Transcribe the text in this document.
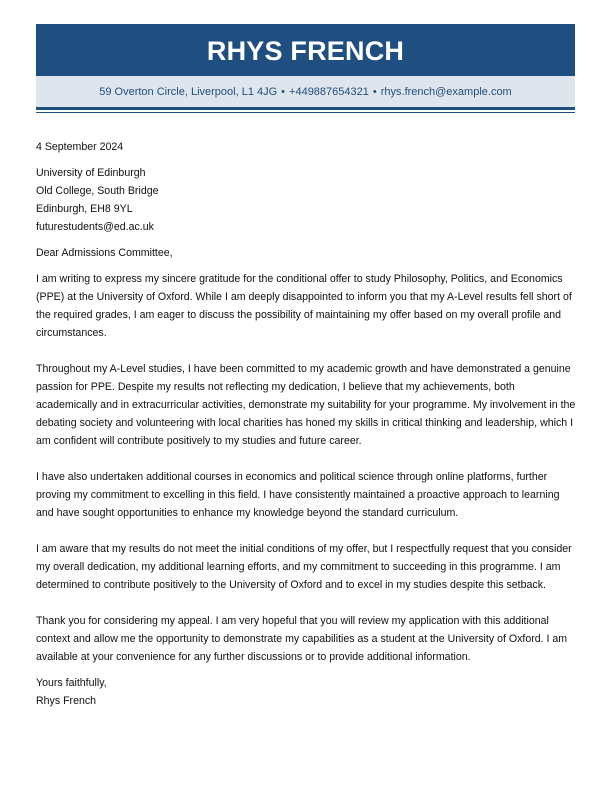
RHYS FRENCH
59 Overton Circle, Liverpool, L1 4JG • +449887654321 • rhys.french@example.com
4 September 2024
University of Edinburgh
Old College, South Bridge
Edinburgh, EH8 9YL
futurestudents@ed.ac.uk
Dear Admissions Committee,

I am writing to express my sincere gratitude for the conditional offer to study Philosophy, Politics, and Economics (PPE) at the University of Oxford. While I am deeply disappointed to inform you that my A-Level results fell short of the required grades, I am eager to discuss the possibility of maintaining my offer based on my overall profile and circumstances.

Throughout my A-Level studies, I have been committed to my academic growth and have demonstrated a genuine passion for PPE. Despite my results not reflecting my dedication, I believe that my achievements, both academically and in extracurricular activities, demonstrate my suitability for your programme. My involvement in the debating society and volunteering with local charities has honed my skills in critical thinking and leadership, which I am confident will contribute positively to my studies and future career.

I have also undertaken additional courses in economics and political science through online platforms, further proving my commitment to excelling in this field. I have consistently maintained a proactive approach to learning and have sought opportunities to enhance my knowledge beyond the standard curriculum.

I am aware that my results do not meet the initial conditions of my offer, but I respectfully request that you consider my overall dedication, my additional learning efforts, and my commitment to succeeding in this programme. I am determined to contribute positively to the University of Oxford and to excel in my studies despite this setback.

Thank you for considering my appeal. I am very hopeful that you will review my application with this additional context and allow me the opportunity to demonstrate my capabilities as a student at the University of Oxford. I am available at your convenience for any further discussions or to provide additional information.

Yours faithfully,
Rhys French
